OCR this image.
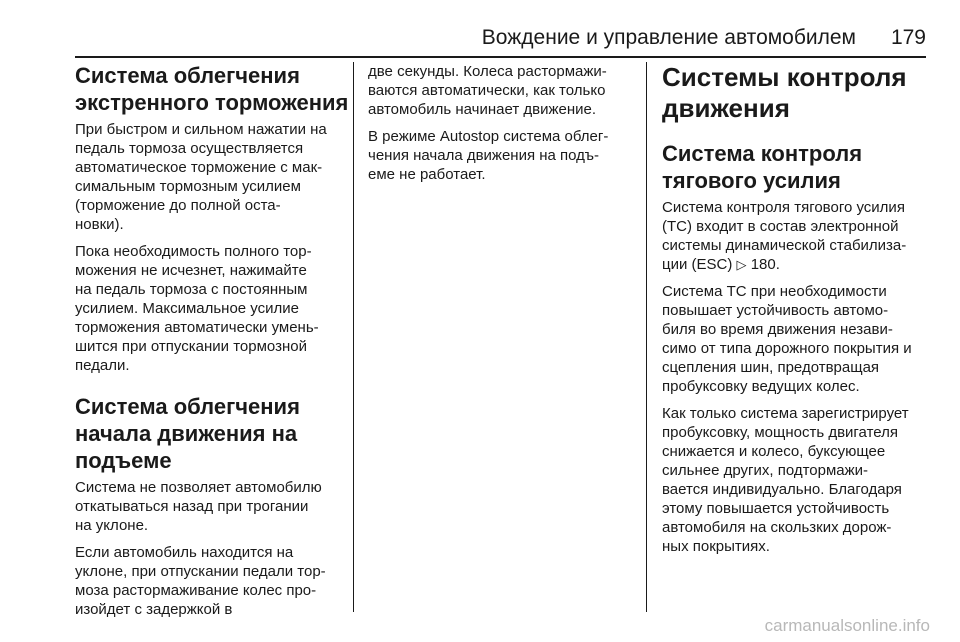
Вождение и управление автомобилем 179
Система облегчения
экстренного торможения

При быстром и сильном нажатии на
педаль тормоза осуществляется
автоматическое торможение с мак-
симальным тормозным усилием
(торможение до полной оста-
новки).

Пока необходимость полного тор-
можения не исчезнет, нажимайте
на педаль тормоза с постоянным
усилием. Максимальное усилие
торможения автоматически умень-
шится при отпускании тормозной
педали.

Система облегчения
начала движения на
подъеме

Система не позволяет автомобилю
откатываться назад при трогании
на уклоне.

Если автомобиль находится на
уклоне, при отпускании педали тор-
моза растормаживание колес про-
изойдет с задержкой в

две секунды. Колеса растормажи-
ваются автоматически, как только
автомобиль начинает движение.

В режиме Autostop система облег-
чения начала движения на подъ-
еме не работает.

Системы контроля
движения
Система контроля
тягового усилия

Система контроля тягового усилия
(TC) входит в состав электронной
системы динамической стабилиза-
ции (ESC) ▷ 180.

Система TC при необходимости
повышает устойчивость автомо-
биля во время движения незави-
симо от типа дорожного покрытия и
сцепления шин, предотвращая
пробуксовку ведущих колес.

Как только система зарегистрирует
пробуксовку, мощность двигателя
снижается и колесо, буксующее
сильнее других, подтормажи-
вается индивидуально. Благодаря
этому повышается устойчивость
автомобиля на скользких дорож-
ных покрытиях.

carmanualsonline.info
